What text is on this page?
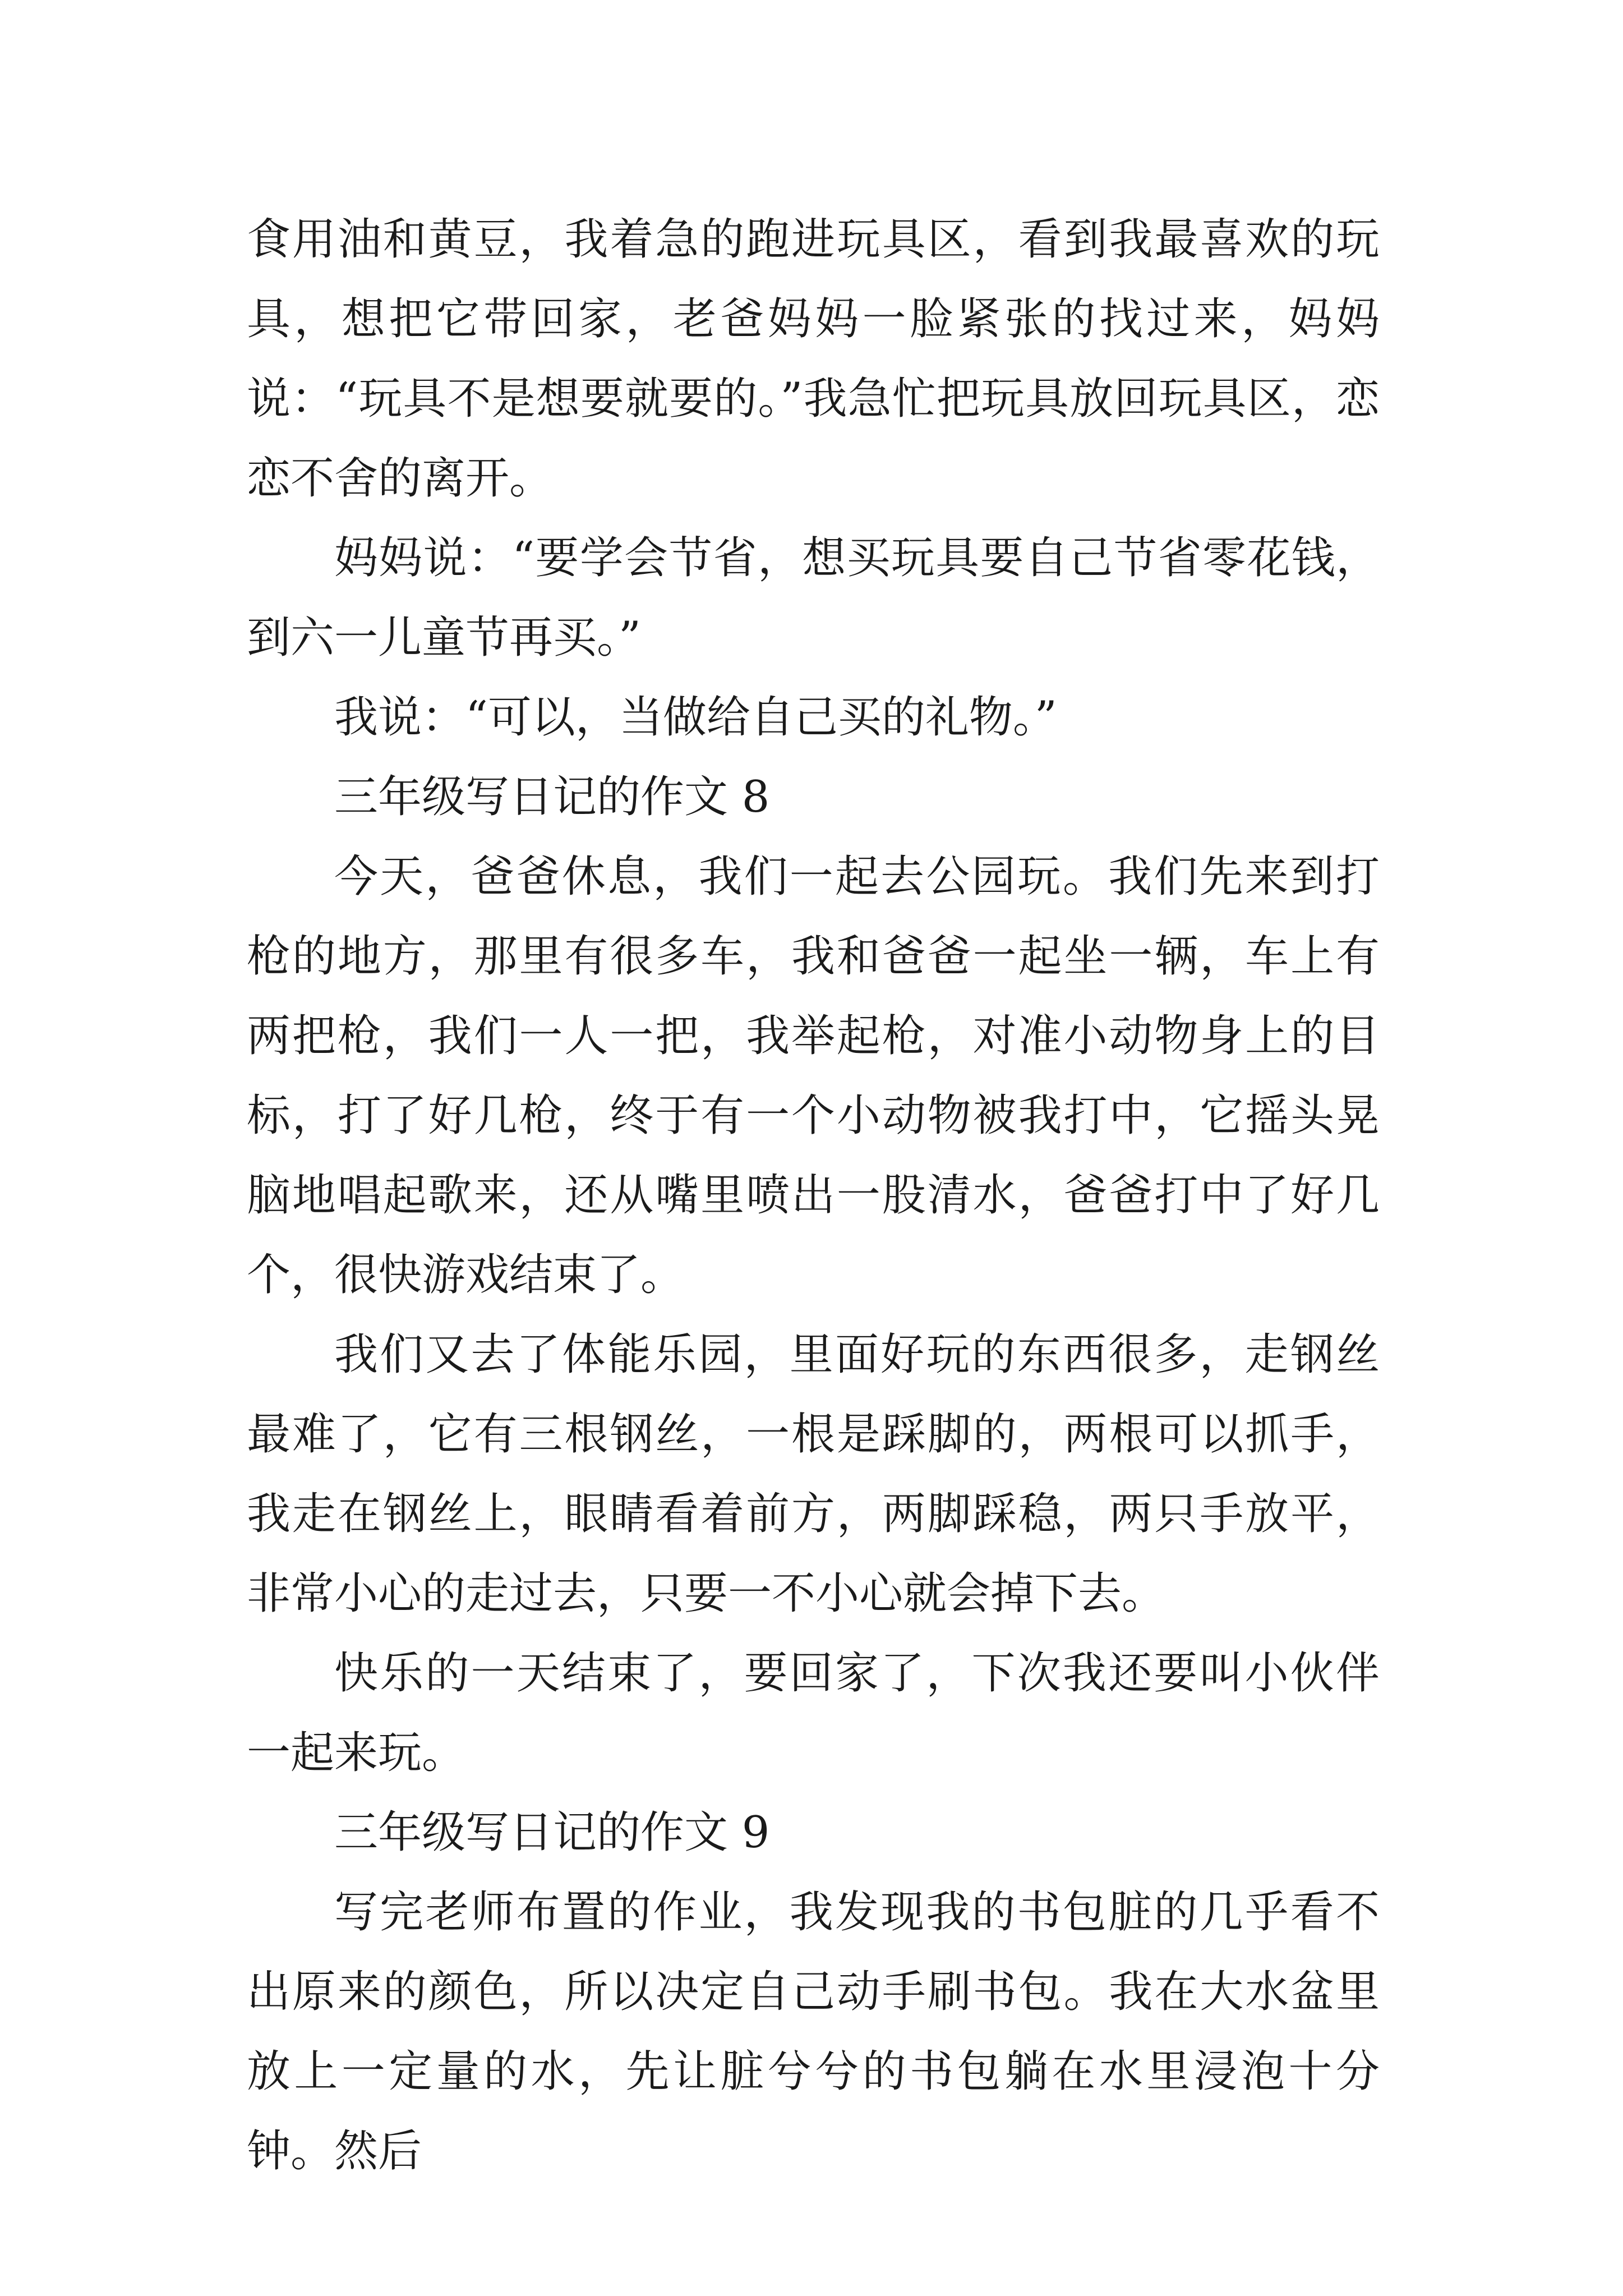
食用油和黄豆，我着急的跑进玩具区，看到我最喜欢的玩具，想把它带回家，老爸妈妈一脸紧张的找过来，妈妈说：“玩具不是想要就要的。”我急忙把玩具放回玩具区，恋恋不舍的离开。

妈妈说：“要学会节省，想买玩具要自己节省零花钱，到六一儿童节再买。”

我说：“可以，当做给自己买的礼物。”

三年级写日记的作文 8

今天，爸爸休息，我们一起去公园玩。我们先来到打枪的地方，那里有很多车，我和爸爸一起坐一辆，车上有两把枪，我们一人一把，我举起枪，对准小动物身上的目标，打了好几枪，终于有一个小动物被我打中，它摇头晃脑地唱起歌来，还从嘴里喷出一股清水，爸爸打中了好几个，很快游戏结束了。

我们又去了体能乐园，里面好玩的东西很多，走钢丝最难了，它有三根钢丝，一根是踩脚的，两根可以抓手，我走在钢丝上，眼睛看着前方，两脚踩稳，两只手放平，非常小心的走过去，只要一不小心就会掉下去。

快乐的一天结束了，要回家了，下次我还要叫小伙伴一起来玩。

三年级写日记的作文 9

写完老师布置的作业，我发现我的书包脏的几乎看不出原来的颜色，所以决定自己动手刷书包。我在大水盆里放上一定量的水，先让脏兮兮的书包躺在水里浸泡十分钟。然后
